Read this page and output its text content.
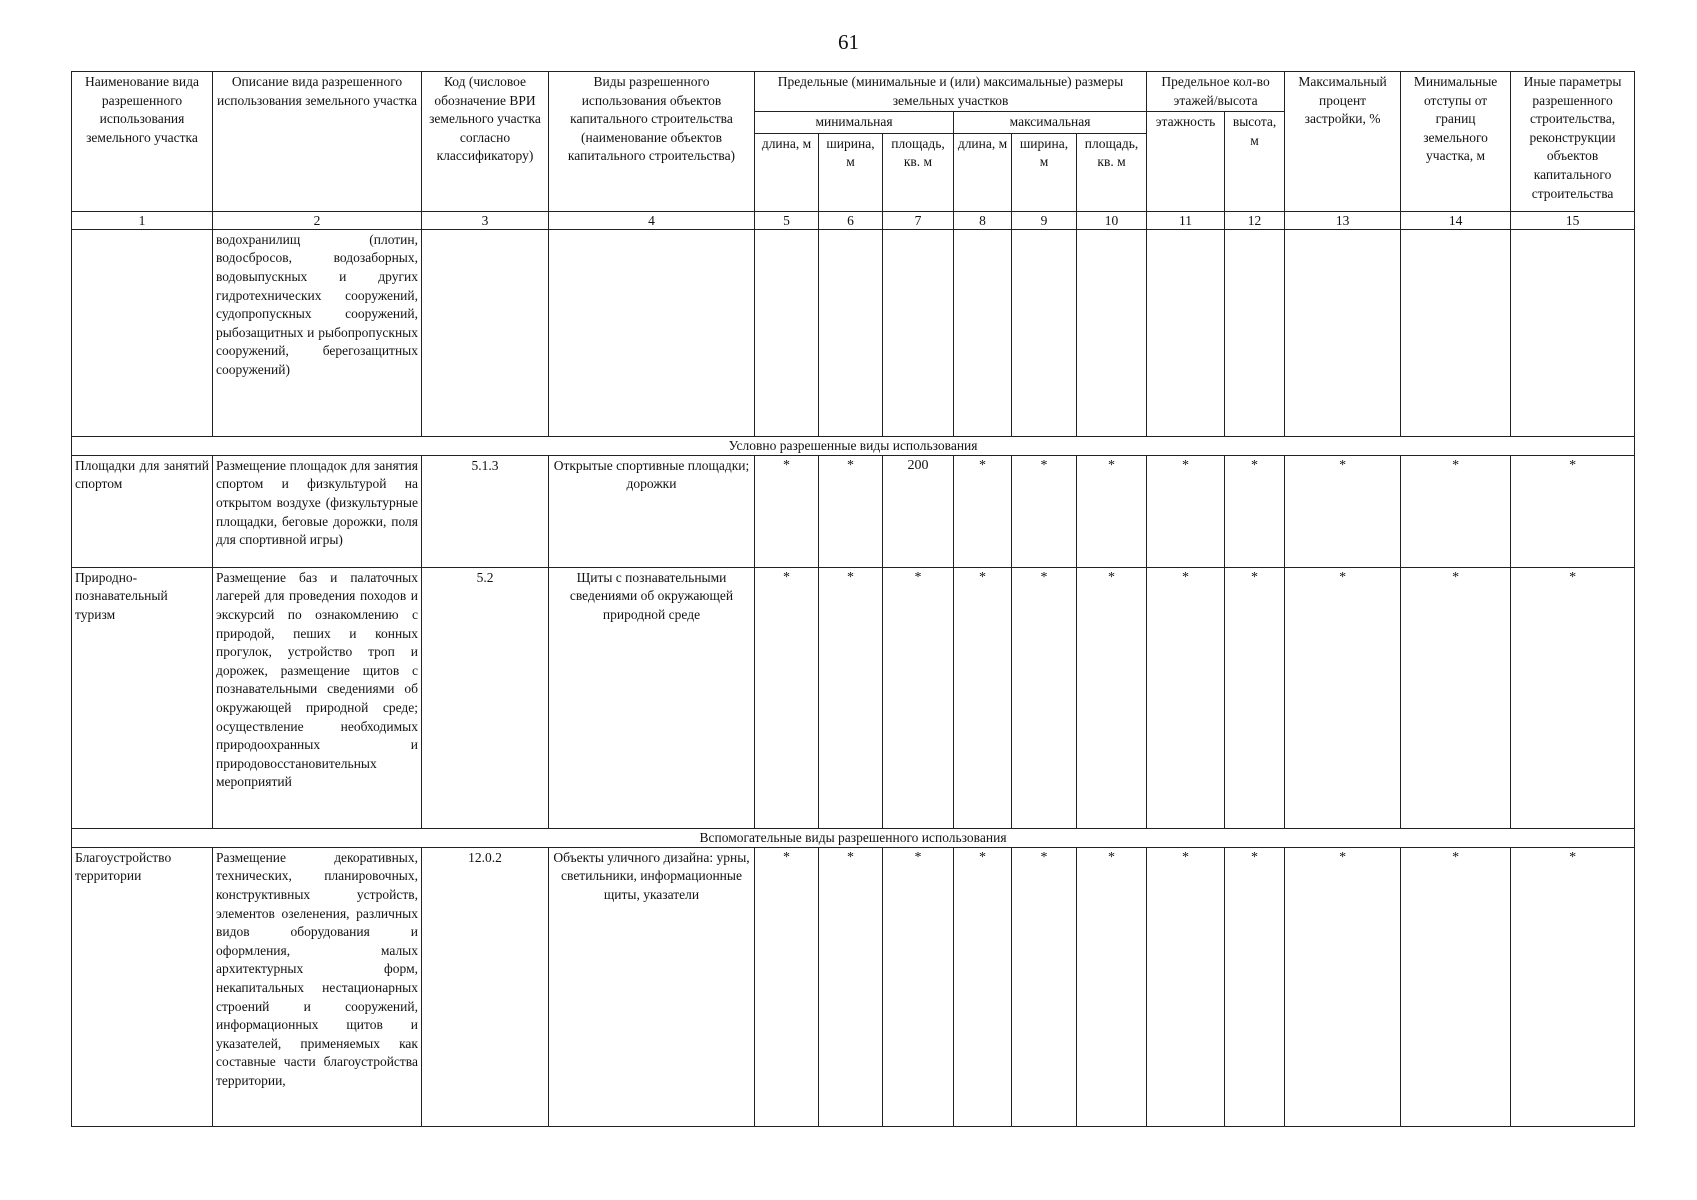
61
Наименование вида разрешенного использования земельного участка	Описание вида разрешенного использования земельного участка	Код (числовое обозначение ВРИ земельного участка согласно классификатору)	Виды разрешенного использования объектов капитального строительства (наименование объектов капитального строительства)	Предельные (минимальные и (или) максимальные) размеры земельных участков						Предельное кол-во этажей/высота		Максимальный процент застройки, %	Минимальные отступы от границ земельного участка, м	Иные параметры разрешенного строительства, реконструкции объектов капитального строительства
				минимальная			максимальная			этажность	высота, м			
				длина, м	ширина, м	площадь, кв. м	длина, м	ширина, м	площадь, кв. м					
1	2	3	4	5	6	7	8	9	10	11	12	13	14	15
	водохранилищ (плотин, водосбросов, водозаборных, водовыпускных и других гидротехнических сооружений, судопропускных сооружений, рыбозащитных и рыбопропускных сооружений, берегозащитных сооружений)													
Условно разрешенные виды использования														
Площадки для занятий спортом	Размещение площадок для занятия спортом и физкультурой на открытом воздухе (физкультурные площадки, беговые дорожки, поля для спортивной игры)	5.1.3	Открытые спортивные площадки; дорожки	*	*	200	*	*	*	*	*	*	*	*
Природно-познавательный туризм	Размещение баз и палаточных лагерей для проведения походов и экскурсий по ознакомлению с природой, пеших и конных прогулок, устройство троп и дорожек, размещение щитов с познавательными сведениями об окружающей природной среде; осуществление необходимых природоохранных и природовосстановительных мероприятий	5.2	Щиты с познавательными сведениями об окружающей природной среде	*	*	*	*	*	*	*	*	*	*	*
Вспомогательные виды разрешенного использования														
Благоустройство территории	Размещение декоративных, технических, планировочных, конструктивных устройств, элементов озеленения, различных видов оборудования и оформления, малых архитектурных форм, некапитальных нестационарных строений и сооружений, информационных щитов и указателей, применяемых как составные части благоустройства территории,	12.0.2	Объекты уличного дизайна: урны, светильники, информационные щиты, указатели	*	*	*	*	*	*	*	*	*	*	*
